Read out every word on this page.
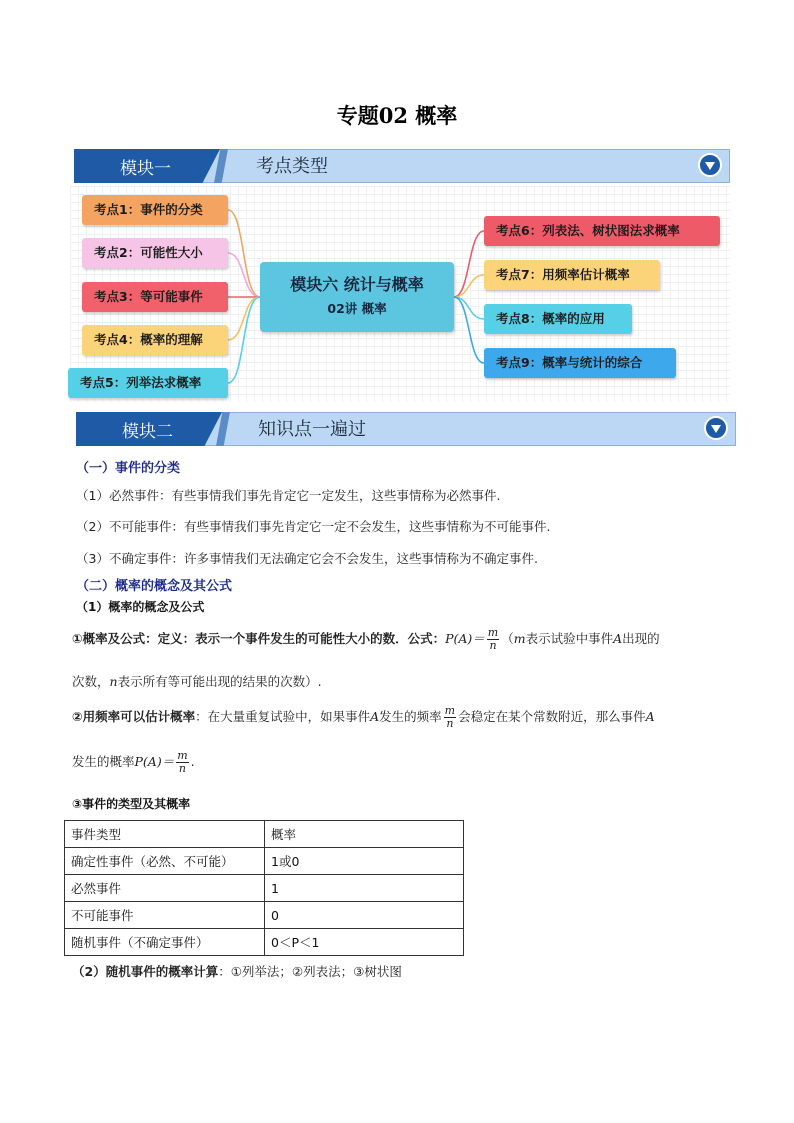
专题02 概率
模块一	考点类型
考点1：事件的分类
考点2：可能性大小
考点3：等可能事件
考点4：概率的理解
考点5：列举法求概率
模块六 统计与概率
02讲 概率
考点6：列表法、树状图法求概率
考点7：用频率估计概率
考点8：概率的应用
考点9：概率与统计的综合
模块二	知识点一遍过
（一）事件的分类
（1）必然事件：有些事情我们事先肯定它一定发生，这些事情称为必然事件.
（2）不可能事件：有些事情我们事先肯定它一定不会发生，这些事情称为不可能事件.
（3）不确定事件：许多事情我们无法确定它会不会发生，这些事情称为不确定事件.
（二）概率的概念及其公式
（1）概率的概念及公式
①概率及公式：定义：表示一个事件发生的可能性大小的数．公式：$P(A)= \frac{m}{n} (m$表示试验中事件A出现的
次数，n表示所有等可能出现的结果的次数）.
②用频率可以估计概率：在大量重复试验中，如果事件A发生的频率 $\frac{m}{n}$ 会稳定在某个常数附近，那么事件A
发生的概率$P(A)= \frac{m}{n}$ .
③事件的类型及其概率
事件类型	概率
确定性事件（必然、不可能）	1或0
必然事件	1
不可能事件	0
随机事件（不确定事件）	0＜P＜1
（2）随机事件的概率计算：①列举法；②列表法；③树状图
